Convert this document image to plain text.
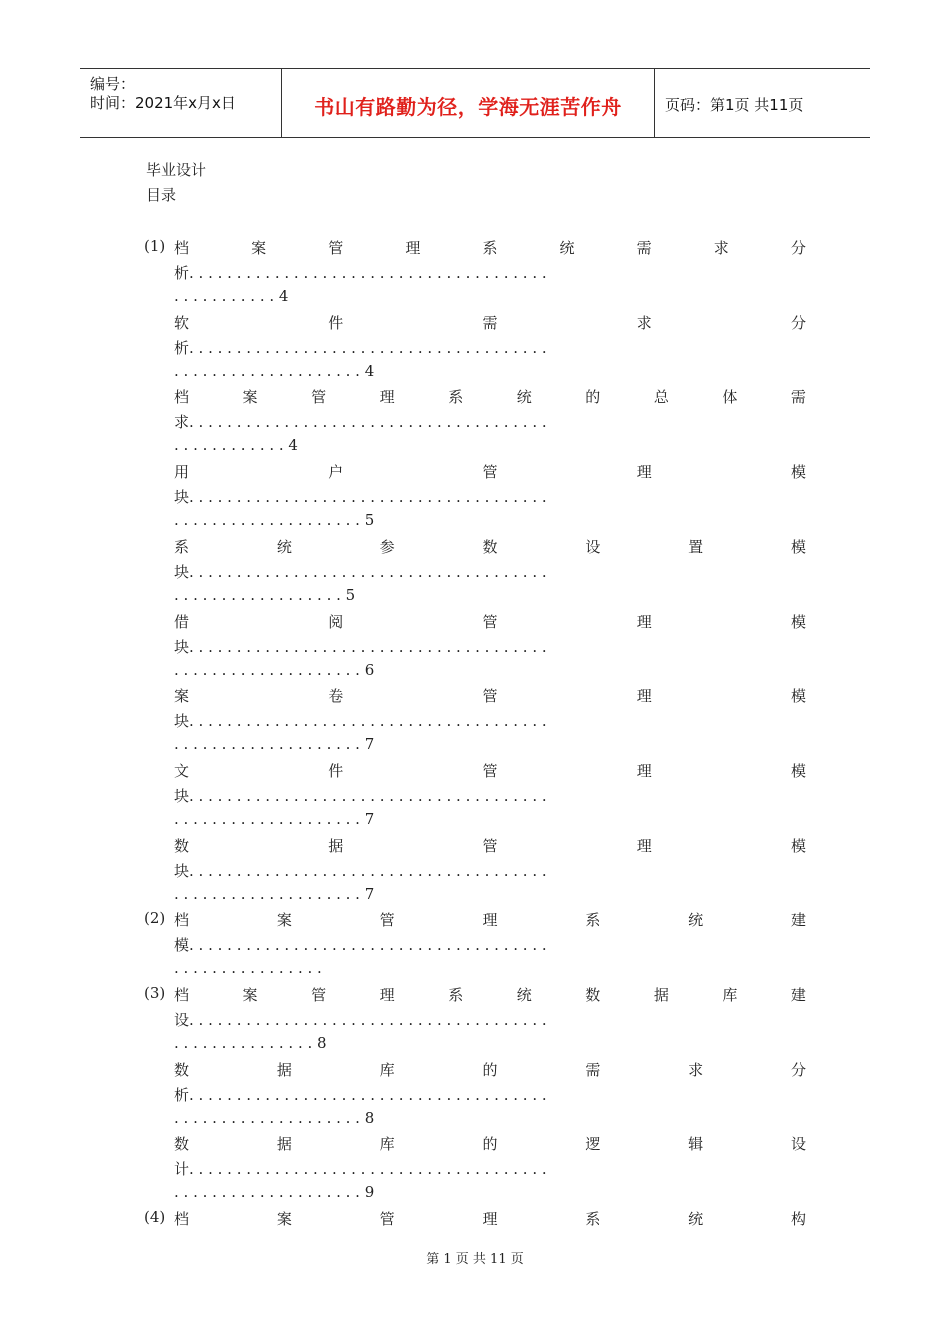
编号：
时间：2021年x月x日	书山有路勤为径，学海无涯苦作舟	页码：第1页 共11页
毕业设计
目录
(1) 档	案	管	理	系	统	需	求	分
析 . . . . . . . . . . . . . . . . . . . . . . . . . . . . . . . . . . . . . .
. . . . . . . . . . . 4
软	件	需	求	分
析 . . . . . . . . . . . . . . . . . . . . . . . . . . . . . . . . . . . . . .
. . . . . . . . . . . . . . . . . . . . 4
档	案	管	理	系	统	的	总	体	需
求 . . . . . . . . . . . . . . . . . . . . . . . . . . . . . . . . . . . . . .
. . . . . . . . . . . . 4
用	户	管	理	模
块 . . . . . . . . . . . . . . . . . . . . . . . . . . . . . . . . . . . . . .
. . . . . . . . . . . . . . . . . . . . 5
系	统	参	数	设	置	模
块 . . . . . . . . . . . . . . . . . . . . . . . . . . . . . . . . . . . . . .
. . . . . . . . . . . . . . . . . . 5
借	阅	管	理	模
块 . . . . . . . . . . . . . . . . . . . . . . . . . . . . . . . . . . . . . .
. . . . . . . . . . . . . . . . . . . . 6
案	卷	管	理	模
块 . . . . . . . . . . . . . . . . . . . . . . . . . . . . . . . . . . . . . .
. . . . . . . . . . . . . . . . . . . . 7
文	件	管	理	模
块 . . . . . . . . . . . . . . . . . . . . . . . . . . . . . . . . . . . . . .
. . . . . . . . . . . . . . . . . . . . 7
数	据	管	理	模
块 . . . . . . . . . . . . . . . . . . . . . . . . . . . . . . . . . . . . . .
. . . . . . . . . . . . . . . . . . . . 7
(2) 档	案	管	理	系	统	建
模 . . . . . . . . . . . . . . . . . . . . . . . . . . . . . . . . . . . . . .
. . . . . . . . . . . . . . . .
(3) 档	案	管	理	系	统	数	据	库	建
设 . . . . . . . . . . . . . . . . . . . . . . . . . . . . . . . . . . . . . .
. . . . . . . . . . . . . . . 8
数	据	库	的	需	求	分
析 . . . . . . . . . . . . . . . . . . . . . . . . . . . . . . . . . . . . . .
. . . . . . . . . . . . . . . . . . . . 8
数	据	库	的	逻	辑	设
计 . . . . . . . . . . . . . . . . . . . . . . . . . . . . . . . . . . . . . .
. . . . . . . . . . . . . . . . . . . . 9
(4) 档	案	管	理	系	统	构
第 1 页 共 11 页
